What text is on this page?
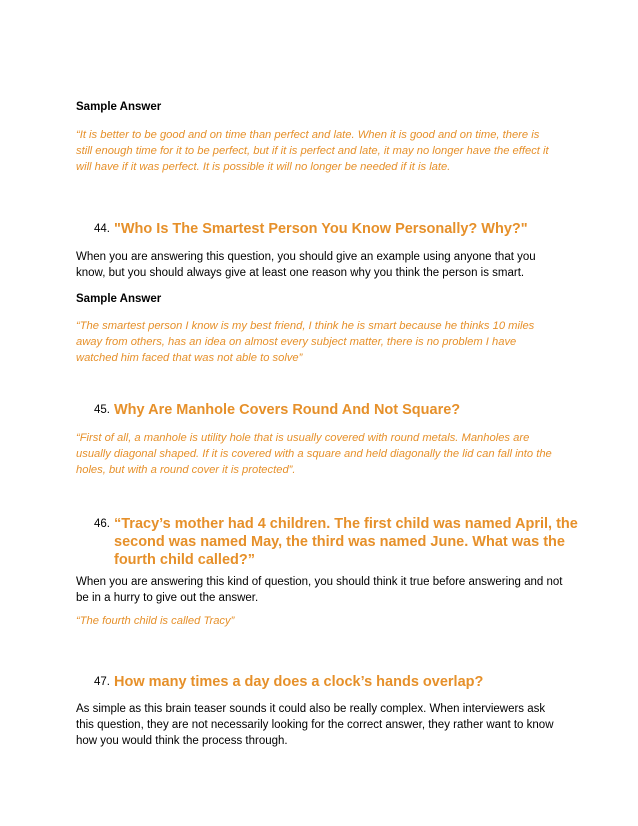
Sample Answer
“It is better to be good and on time than perfect and late. When it is good and on time, there is
still enough time for it to be perfect, but if it is perfect and late, it may no longer have the effect it
will have if it was perfect. It is possible it will no longer be needed if it is late.
44. "Who Is The Smartest Person You Know Personally? Why?"
When you are answering this question, you should give an example using anyone that you
know, but you should always give at least one reason why you think the person is smart.
Sample Answer
“The smartest person I know is my best friend, I think he is smart because he thinks 10 miles
away from others, has an idea on almost every subject matter, there is no problem I have
watched him faced that was not able to solve”
45. Why Are Manhole Covers Round And Not Square?
“First of all, a manhole is utility hole that is usually covered with round metals. Manholes are
usually diagonal shaped. If it is covered with a square and held diagonally the lid can fall into the
holes, but with a round cover it is protected”.
46. “Tracy’s mother had 4 children. The first child was named April, the
second was named May, the third was named June. What was the
fourth child called?”
When you are answering this kind of question, you should think it true before answering and not
be in a hurry to give out the answer.
“The fourth child is called Tracy”
47. How many times a day does a clock’s hands overlap?
As simple as this brain teaser sounds it could also be really complex. When interviewers ask
this question, they are not necessarily looking for the correct answer, they rather want to know
how you would think the process through.
